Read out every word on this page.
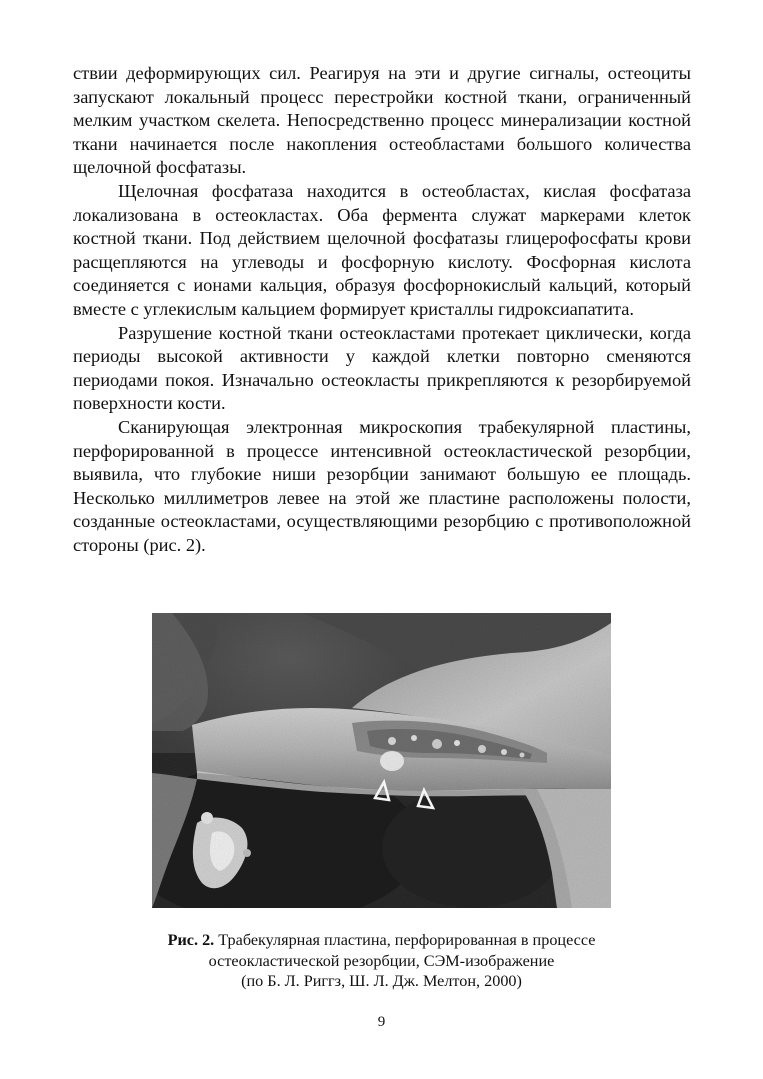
ствии деформирующих сил. Реагируя на эти и другие сигналы, остеоциты запускают локальный процесс перестройки костной ткани, ограниченный мелким участком скелета. Непосредственно процесс минерализации костной ткани начинается после накопления остеобластами большого количества щелочной фосфатазы.

Щелочная фосфатаза находится в остеобластах, кислая фосфатаза локализована в остеокластах. Оба фермента служат маркерами клеток костной ткани. Под действием щелочной фосфатазы глицерофосфаты крови расщепляются на углеводы и фосфорную кислоту. Фосфорная кислота соединяется с ионами кальция, образуя фосфорнокислый кальций, который вместе с углекислым кальцием формирует кристаллы гидроксиапатита.

Разрушение костной ткани остеокластами протекает циклически, когда периоды высокой активности у каждой клетки повторно сменяются периодами покоя. Изначально остеокласты прикрепляются к резорбируемой поверхности кости.

Сканирующая электронная микроскопия трабекулярной пластины, перфорированной в процессе интенсивной остеокластической резорбции, выявила, что глубокие ниши резорбции занимают большую ее площадь. Несколько миллиметров левее на этой же пластине расположены полости, созданные остеокластами, осуществляющими резорбцию с противоположной стороны (рис. 2).

Рис. 2. Трабекулярная пластина, перфорированная в процессе
остеокластической резорбции, СЭМ-изображение
(по Б. Л. Риггз, Ш. Л. Дж. Мелтон, 2000)
9
